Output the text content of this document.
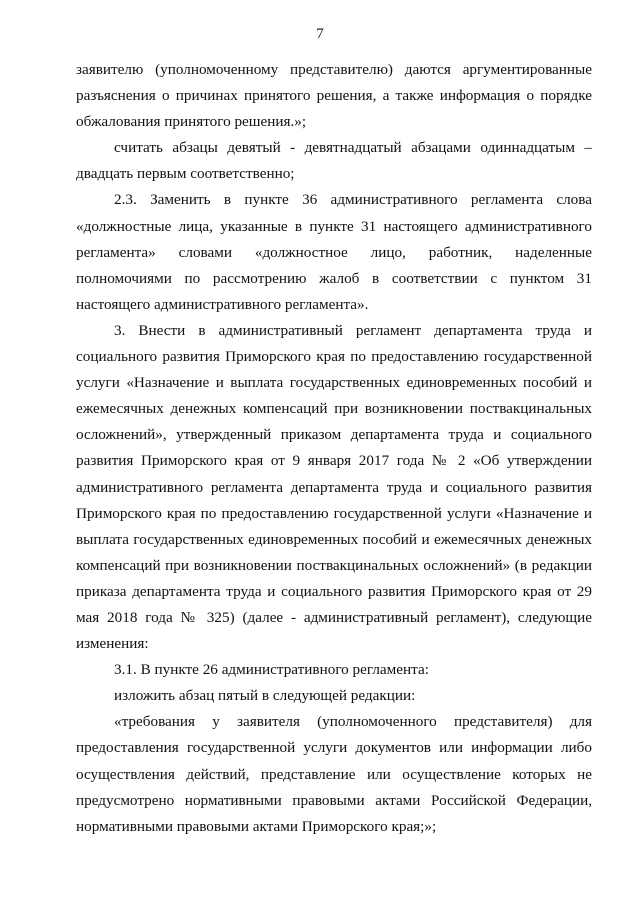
7

заявителю (уполномоченному представителю) даются аргументированные разъяснения о причинах принятого решения, а также информация о порядке обжалования принятого решения.»;

считать абзацы девятый - девятнадцатый абзацами одиннадцатым – двадцать первым соответственно;

2.3. Заменить в пункте 36 административного регламента слова «должностные лица, указанные в пункте 31 настоящего административного регламента» словами «должностное лицо, работник, наделенные полномочиями по рассмотрению жалоб в соответствии с пунктом 31 настоящего административного регламента».

3. Внести в административный регламент департамента труда и социального развития Приморского края по предоставлению государственной услуги «Назначение и выплата государственных единовременных пособий и ежемесячных денежных компенсаций при возникновении поствакцинальных осложнений», утвержденный приказом департамента труда и социального развития Приморского края от 9 января 2017 года № 2 «Об утверждении административного регламента департамента труда и социального развития Приморского края по предоставлению государственной услуги «Назначение и выплата государственных единовременных пособий и ежемесячных денежных компенсаций при возникновении поствакцинальных осложнений» (в редакции приказа департамента труда и социального развития Приморского края от 29 мая 2018 года № 325) (далее - административный регламент), следующие изменения:

3.1. В пункте 26 административного регламента:

изложить абзац пятый в следующей редакции:

«требования у заявителя (уполномоченного представителя) для предоставления государственной услуги документов или информации либо осуществления действий, представление или осуществление которых не предусмотрено нормативными правовыми актами Российской Федерации, нормативными правовыми актами Приморского края;»;
